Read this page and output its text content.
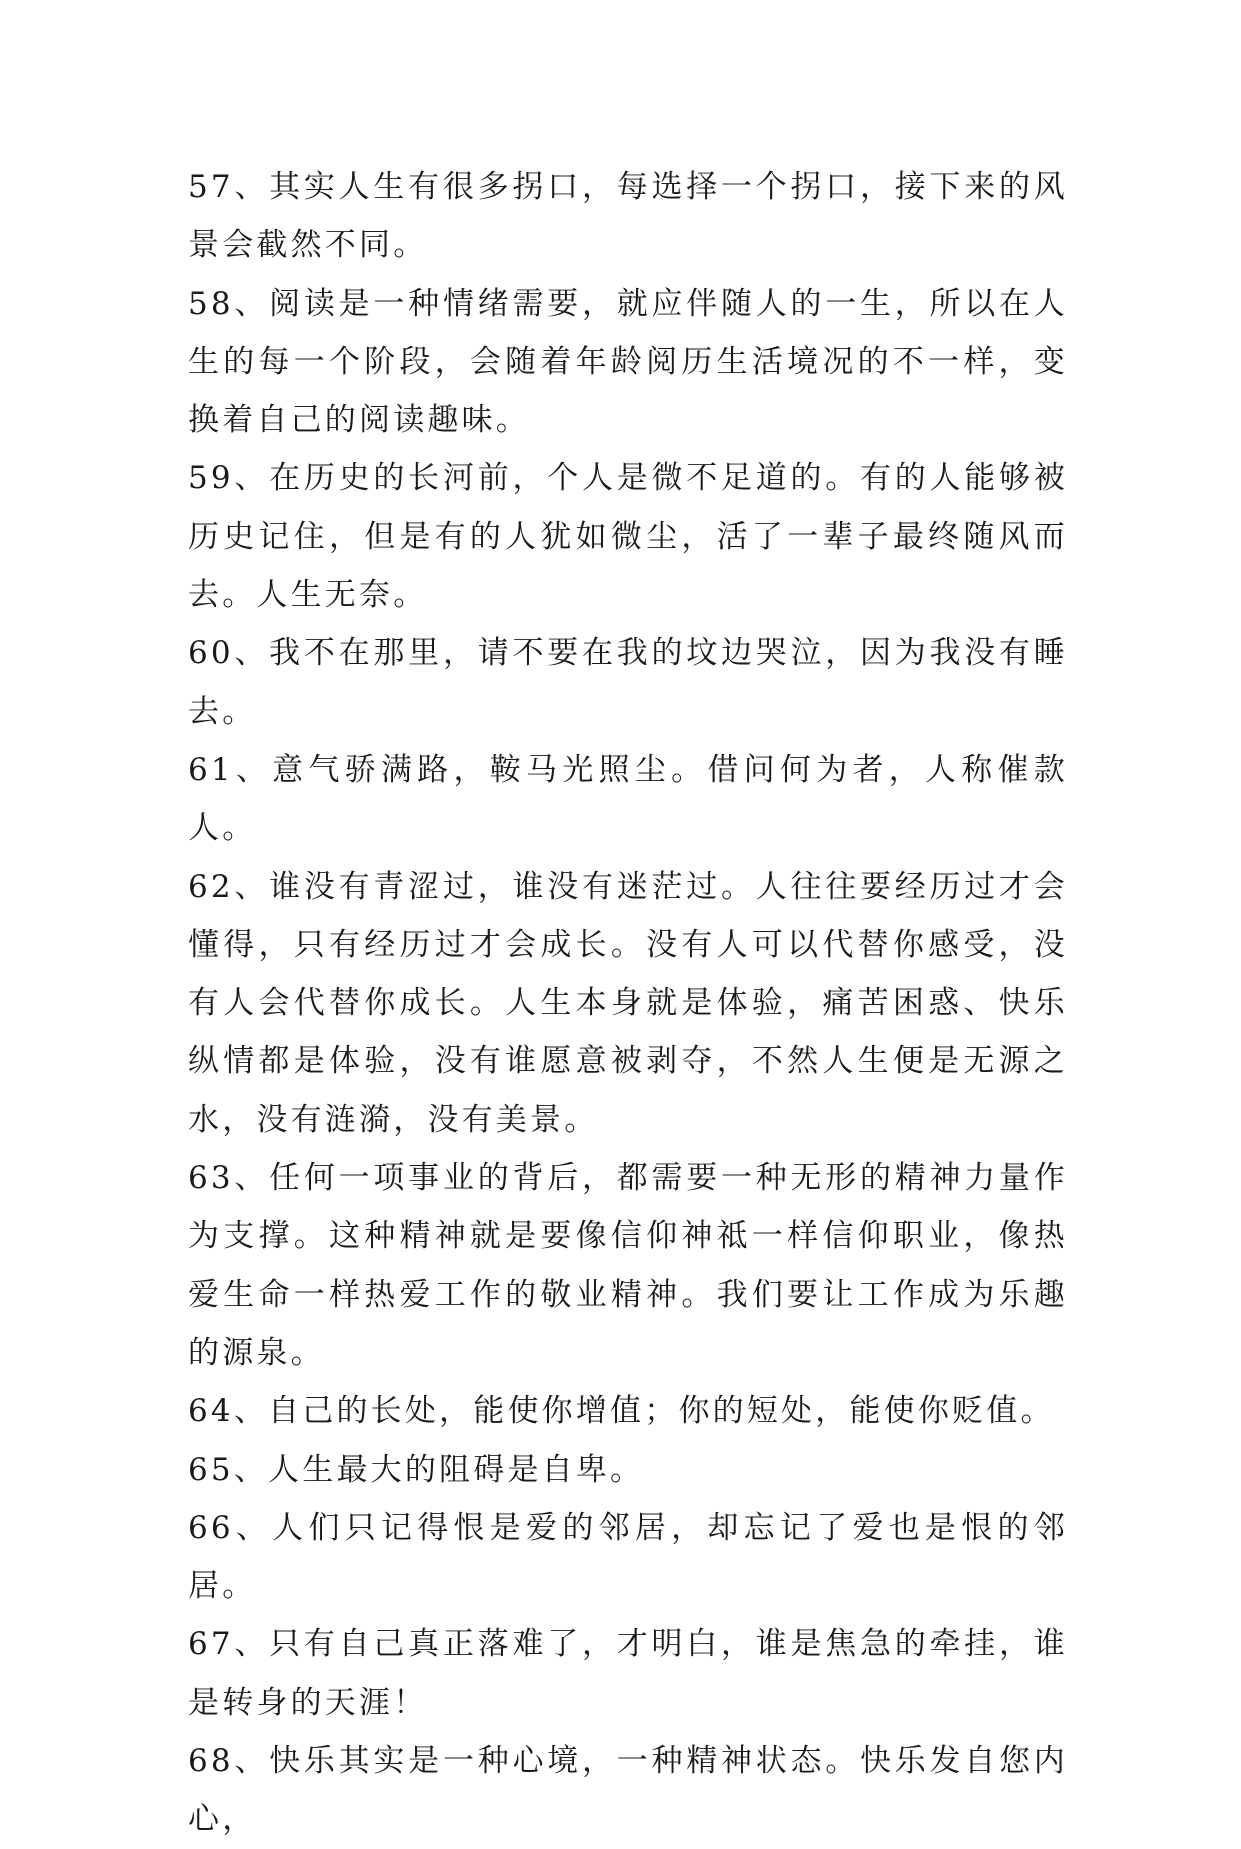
57、其实人生有很多拐口，每选择一个拐口，接下来的风景会截然不同。

58、阅读是一种情绪需要，就应伴随人的一生，所以在人生的每一个阶段，会随着年龄阅历生活境况的不一样，变换着自己的阅读趣味。

59、在历史的长河前，个人是微不足道的。有的人能够被历史记住，但是有的人犹如微尘，活了一辈子最终随风而去。人生无奈。

60、我不在那里，请不要在我的坟边哭泣，因为我没有睡去。

61、意气骄满路，鞍马光照尘。借问何为者，人称催款人。

62、谁没有青涩过，谁没有迷茫过。人往往要经历过才会懂得，只有经历过才会成长。没有人可以代替你感受，没有人会代替你成长。人生本身就是体验，痛苦困惑、快乐纵情都是体验，没有谁愿意被剥夺，不然人生便是无源之水，没有涟漪，没有美景。

63、任何一项事业的背后，都需要一种无形的精神力量作为支撑。这种精神就是要像信仰神祗一样信仰职业，像热爱生命一样热爱工作的敬业精神。我们要让工作成为乐趣的源泉。

64、自己的长处，能使你增值；你的短处，能使你贬值。

65、人生最大的阻碍是自卑。

66、人们只记得恨是爱的邻居，却忘记了爱也是恨的邻居。

67、只有自己真正落难了，才明白，谁是焦急的牵挂，谁是转身的天涯！

68、快乐其实是一种心境，一种精神状态。快乐发自您内心，
